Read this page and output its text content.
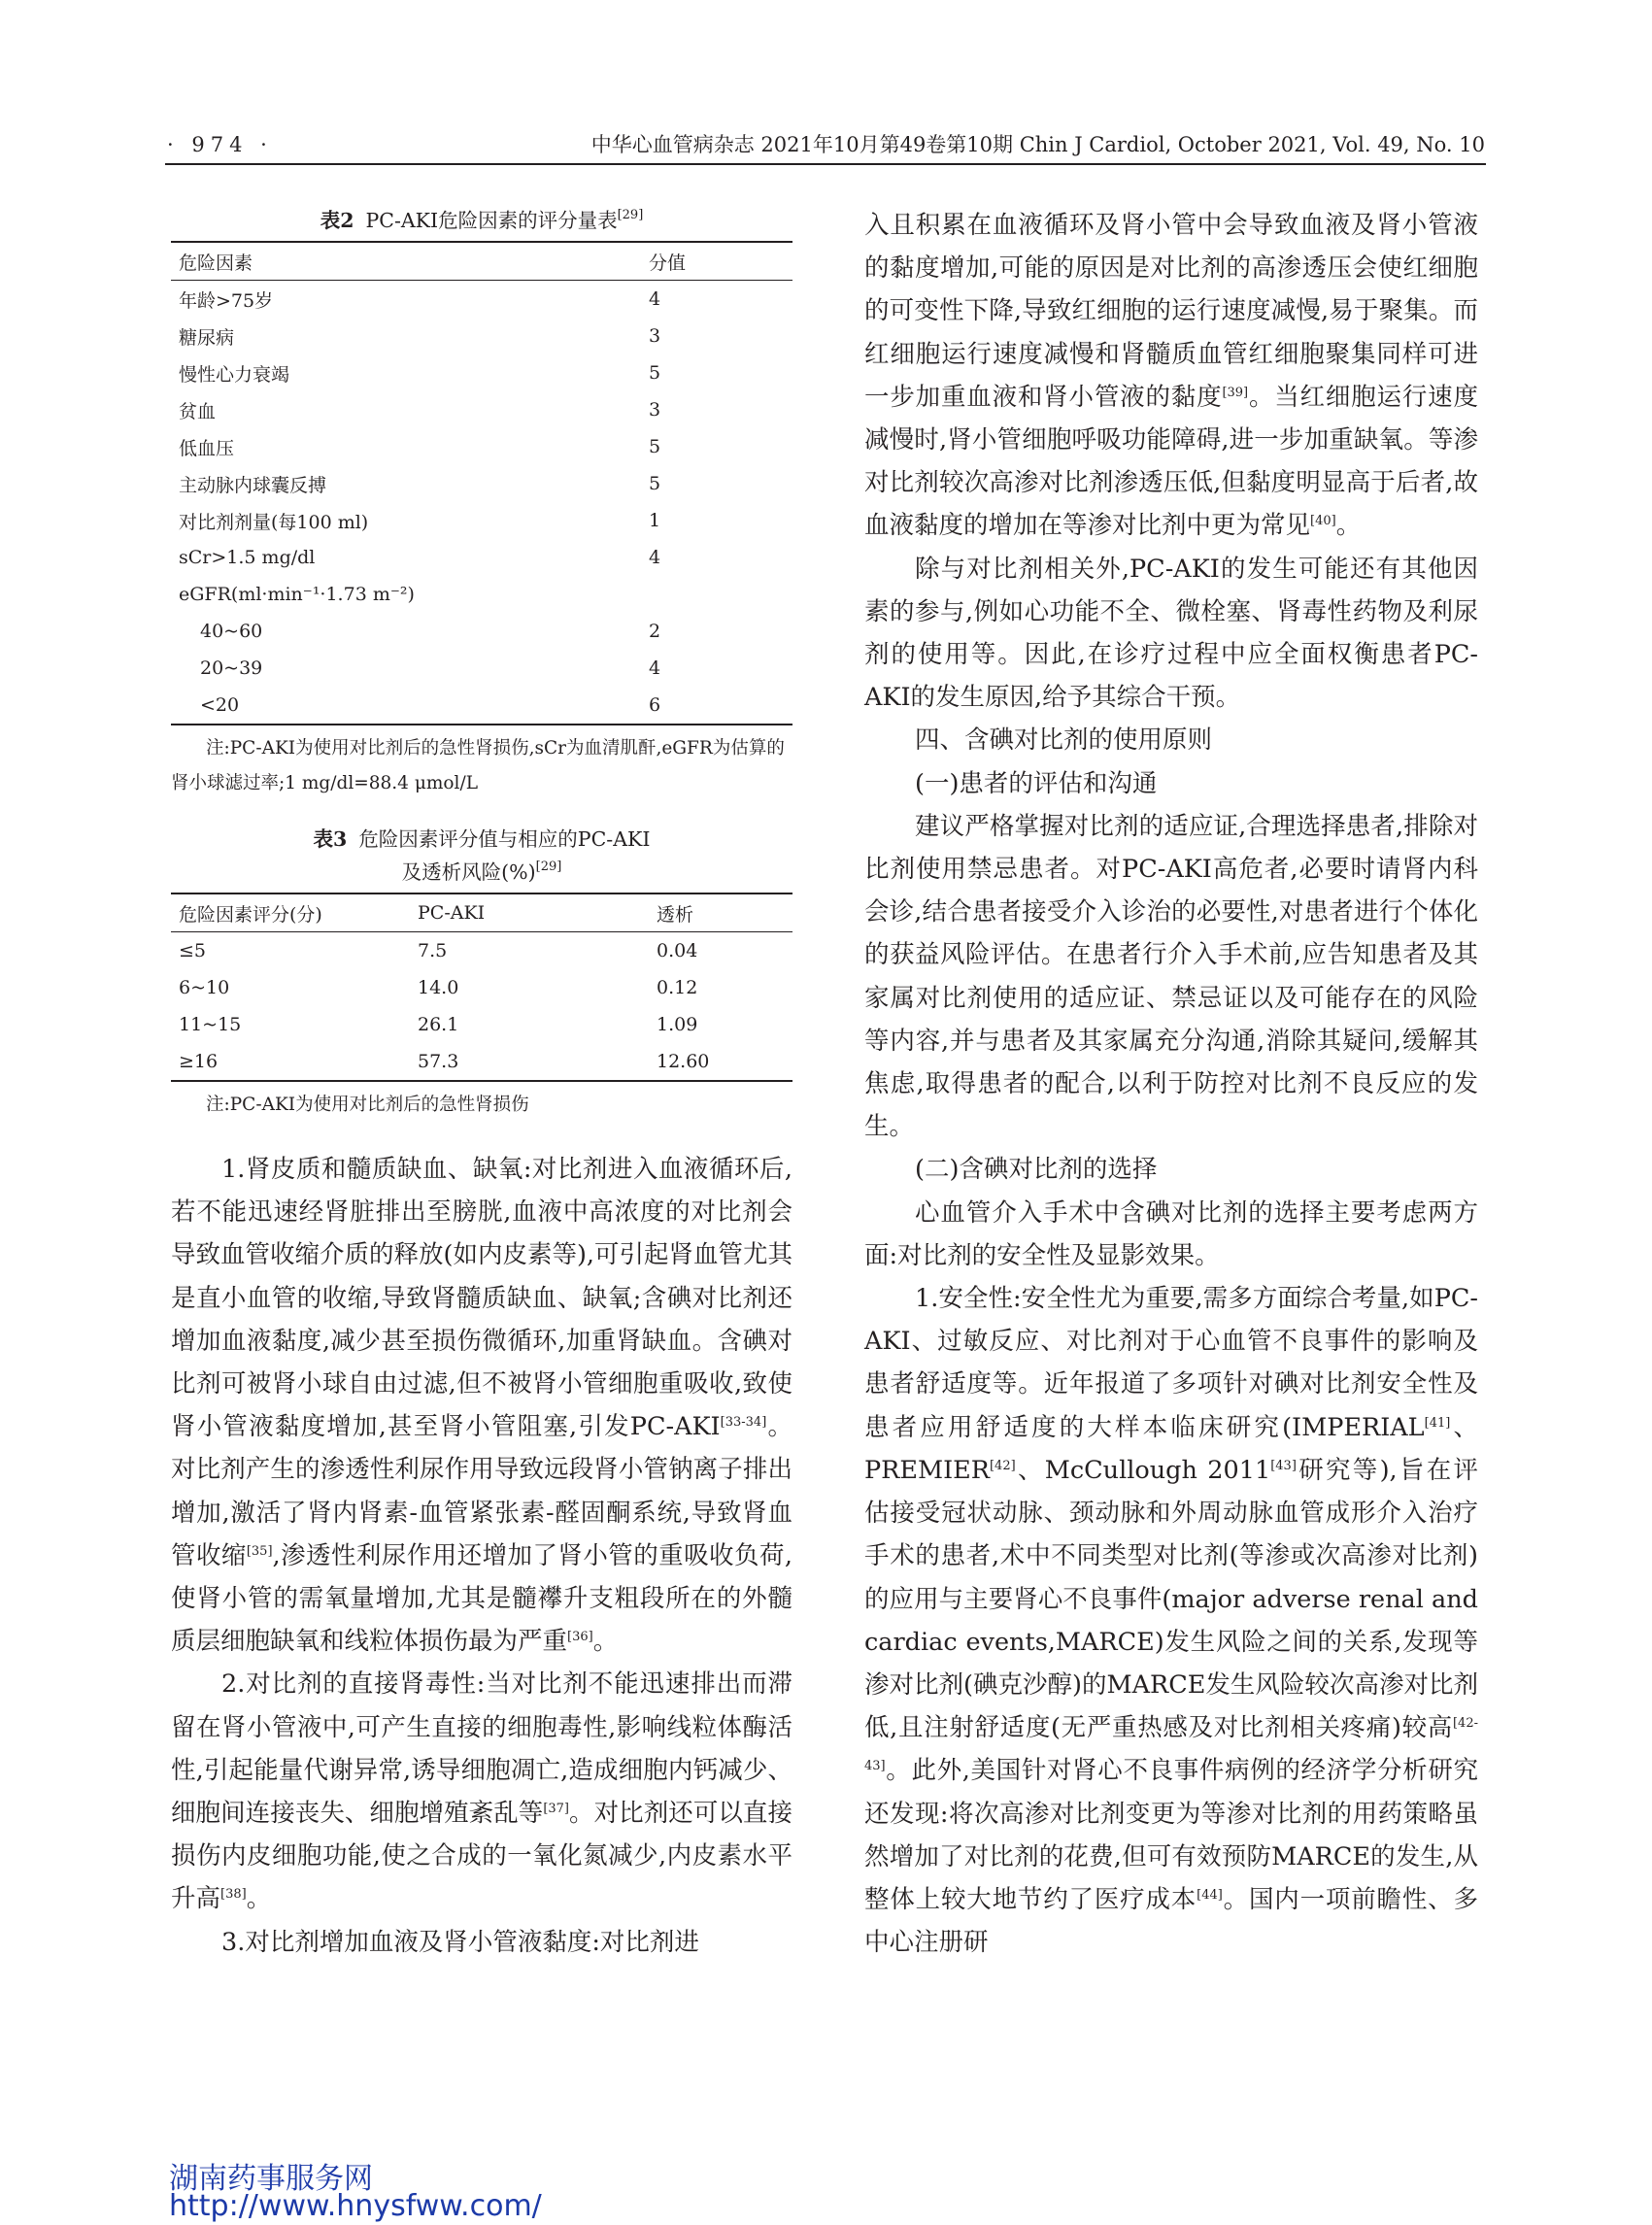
· 974 ·	中华心血管病杂志 2021年10月第49卷第10期 Chin J Cardiol, October 2021, Vol. 49, No. 10
表2 PC-AKI危险因素的评分量表[29]
危险因素	分值
年龄>75岁	4
糖尿病	3
慢性心力衰竭	5
贫血	3
低血压	5
主动脉内球囊反搏	5
对比剂剂量(每100 ml)	1
sCr>1.5 mg/dl	4
eGFR(ml·min⁻¹·1.73 m⁻²)	
40~60	2
20~39	4
<20	6
注:PC-AKI为使用对比剂后的急性肾损伤,sCr为血清肌酐,eGFR为估算的肾小球滤过率;1 mg/dl=88.4 μmol/L
表3 危险因素评分值与相应的PC-AKI
及透析风险(%)[29]
危险因素评分(分)	PC-AKI	透析
≤5	7.5	0.04
6~10	14.0	0.12
11~15	26.1	1.09
≥16	57.3	12.60
注:PC-AKI为使用对比剂后的急性肾损伤

1.肾皮质和髓质缺血、缺氧:对比剂进入血液循环后,若不能迅速经肾脏排出至膀胱,血液中高浓度的对比剂会导致血管收缩介质的释放(如内皮素等),可引起肾血管尤其是直小血管的收缩,导致肾髓质缺血、缺氧;含碘对比剂还增加血液黏度,减少甚至损伤微循环,加重肾缺血。含碘对比剂可被肾小球自由过滤,但不被肾小管细胞重吸收,致使肾小管液黏度增加,甚至肾小管阻塞,引发PC-AKI[33-34]。对比剂产生的渗透性利尿作用导致远段肾小管钠离子排出增加,激活了肾内肾素-血管紧张素-醛固酮系统,导致肾血管收缩[35],渗透性利尿作用还增加了肾小管的重吸收负荷,使肾小管的需氧量增加,尤其是髓襻升支粗段所在的外髓质层细胞缺氧和线粒体损伤最为严重[36]。

2.对比剂的直接肾毒性:当对比剂不能迅速排出而滞留在肾小管液中,可产生直接的细胞毒性,影响线粒体酶活性,引起能量代谢异常,诱导细胞凋亡,造成细胞内钙减少、细胞间连接丧失、细胞增殖紊乱等[37]。对比剂还可以直接损伤内皮细胞功能,使之合成的一氧化氮减少,内皮素水平升高[38]。

3.对比剂增加血液及肾小管液黏度:对比剂进

入且积累在血液循环及肾小管中会导致血液及肾小管液的黏度增加,可能的原因是对比剂的高渗透压会使红细胞的可变性下降,导致红细胞的运行速度减慢,易于聚集。而红细胞运行速度减慢和肾髓质血管红细胞聚集同样可进一步加重血液和肾小管液的黏度[39]。当红细胞运行速度减慢时,肾小管细胞呼吸功能障碍,进一步加重缺氧。等渗对比剂较次高渗对比剂渗透压低,但黏度明显高于后者,故血液黏度的增加在等渗对比剂中更为常见[40]。

除与对比剂相关外,PC-AKI的发生可能还有其他因素的参与,例如心功能不全、微栓塞、肾毒性药物及利尿剂的使用等。因此,在诊疗过程中应全面权衡患者PC-AKI的发生原因,给予其综合干预。

四、含碘对比剂的使用原则

(一)患者的评估和沟通

建议严格掌握对比剂的适应证,合理选择患者,排除对比剂使用禁忌患者。对PC-AKI高危者,必要时请肾内科会诊,结合患者接受介入诊治的必要性,对患者进行个体化的获益风险评估。在患者行介入手术前,应告知患者及其家属对比剂使用的适应证、禁忌证以及可能存在的风险等内容,并与患者及其家属充分沟通,消除其疑问,缓解其焦虑,取得患者的配合,以利于防控对比剂不良反应的发生。

(二)含碘对比剂的选择

心血管介入手术中含碘对比剂的选择主要考虑两方面:对比剂的安全性及显影效果。

1.安全性:安全性尤为重要,需多方面综合考量,如PC-AKI、过敏反应、对比剂对于心血管不良事件的影响及患者舒适度等。近年报道了多项针对碘对比剂安全性及患者应用舒适度的大样本临床研究(IMPERIAL[41]、PREMIER[42]、McCullough 2011[43]研究等),旨在评估接受冠状动脉、颈动脉和外周动脉血管成形介入治疗手术的患者,术中不同类型对比剂(等渗或次高渗对比剂)的应用与主要肾心不良事件(major adverse renal and cardiac events,MARCE)发生风险之间的关系,发现等渗对比剂(碘克沙醇)的MARCE发生风险较次高渗对比剂低,且注射舒适度(无严重热感及对比剂相关疼痛)较高[42-43]。此外,美国针对肾心不良事件病例的经济学分析研究还发现:将次高渗对比剂变更为等渗对比剂的用药策略虽然增加了对比剂的花费,但可有效预防MARCE的发生,从整体上较大地节约了医疗成本[44]。国内一项前瞻性、多中心注册研

湖南药事服务网
http://www.hnysfww.com/
